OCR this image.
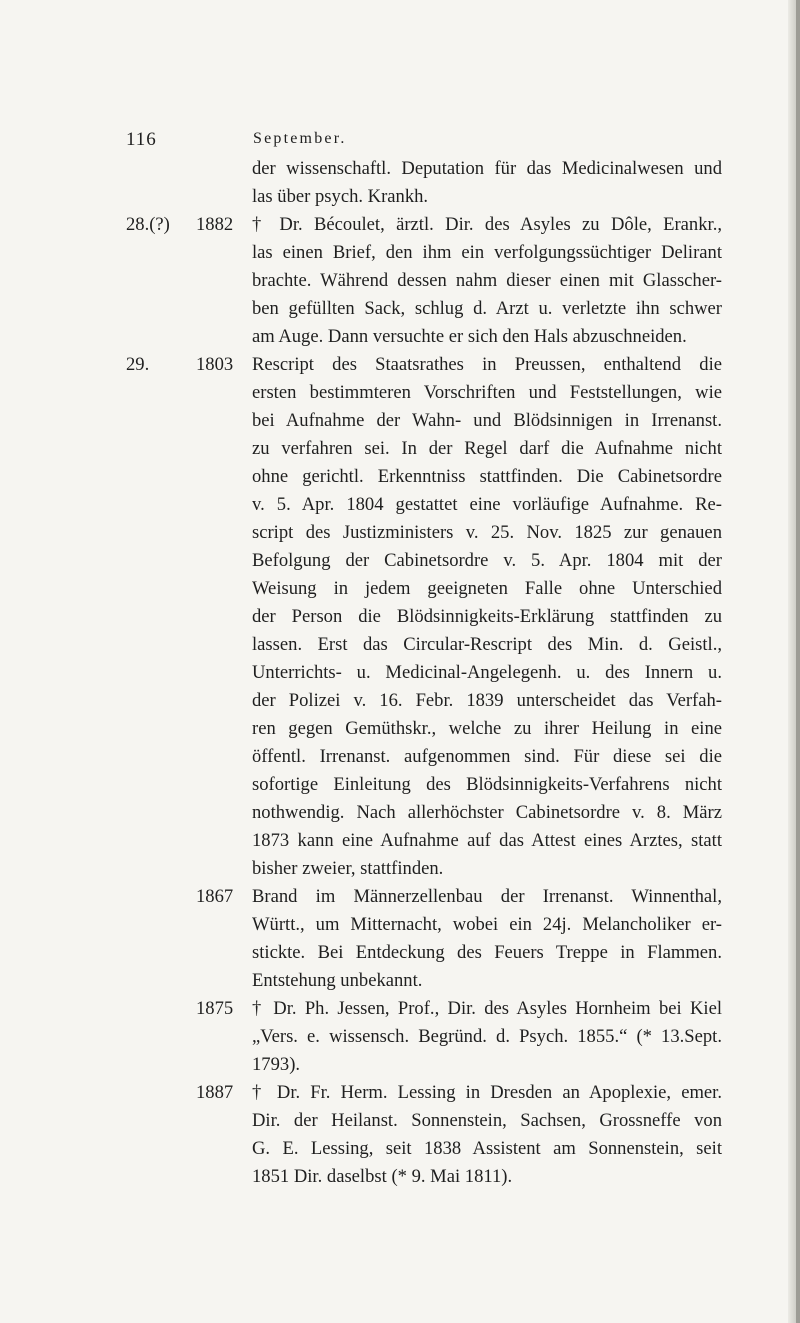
116	September.
der wissenschaftl. Deputation für das Medicinalwesen und
las über psych. Krankh.
28.(?) 1882 † Dr. Bécoulet, ärztl. Dir. des Asyles zu Dôle, Erankr.,
las einen Brief, den ihm ein verfolgungssüchtiger Delirant
brachte. Während dessen nahm dieser einen mit Glasscher-
ben gefüllten Sack, schlug d. Arzt u. verletzte ihn schwer
am Auge. Dann versuchte er sich den Hals abzuschneiden.
29.	1803 Rescript des Staatsrathes in Preussen, enthaltend die
ersten bestimmteren Vorschriften und Feststellungen, wie
bei Aufnahme der Wahn- und Blödsinnigen in Irrenanst.
zu verfahren sei. In der Regel darf die Aufnahme nicht
ohne gerichtl. Erkenntniss stattfinden. Die Cabinetsordre
v. 5. Apr. 1804 gestattet eine vorläufige Aufnahme. Re-
script des Justizministers v. 25. Nov. 1825 zur genauen
Befolgung der Cabinetsordre v. 5. Apr. 1804 mit der
Weisung in jedem geeigneten Falle ohne Unterschied
der Person die Blödsinnigkeits-Erklärung stattfinden zu
lassen. Erst das Circular-Rescript des Min. d. Geistl.,
Unterrichts- u. Medicinal-Angelegenh. u. des Innern u.
der Polizei v. 16. Febr. 1839 unterscheidet das Verfah-
ren gegen Gemüthskr., welche zu ihrer Heilung in eine
öffentl. Irrenanst. aufgenommen sind. Für diese sei die
sofortige Einleitung des Blödsinnigkeits-Verfahrens nicht
nothwendig. Nach allerhöchster Cabinetsordre v. 8. März
1873 kann eine Aufnahme auf das Attest eines Arztes, statt
bisher zweier, stattfinden.
1867 Brand im Männerzellenbau der Irrenanst. Winnenthal,
Württ., um Mitternacht, wobei ein 24j. Melancholiker er-
stickte. Bei Entdeckung des Feuers Treppe in Flammen.
Entstehung unbekannt.
1875 † Dr. Ph. Jessen, Prof., Dir. des Asyles Hornheim bei Kiel
„Vers. e. wissensch. Begründ. d. Psych. 1855.“ (* 13.Sept.
1793).
1887 † Dr. Fr. Herm. Lessing in Dresden an Apoplexie, emer.
Dir. der Heilanst. Sonnenstein, Sachsen, Grossneffe von
G. E. Lessing, seit 1838 Assistent am Sonnenstein, seit
1851 Dir. daselbst (* 9. Mai 1811).
